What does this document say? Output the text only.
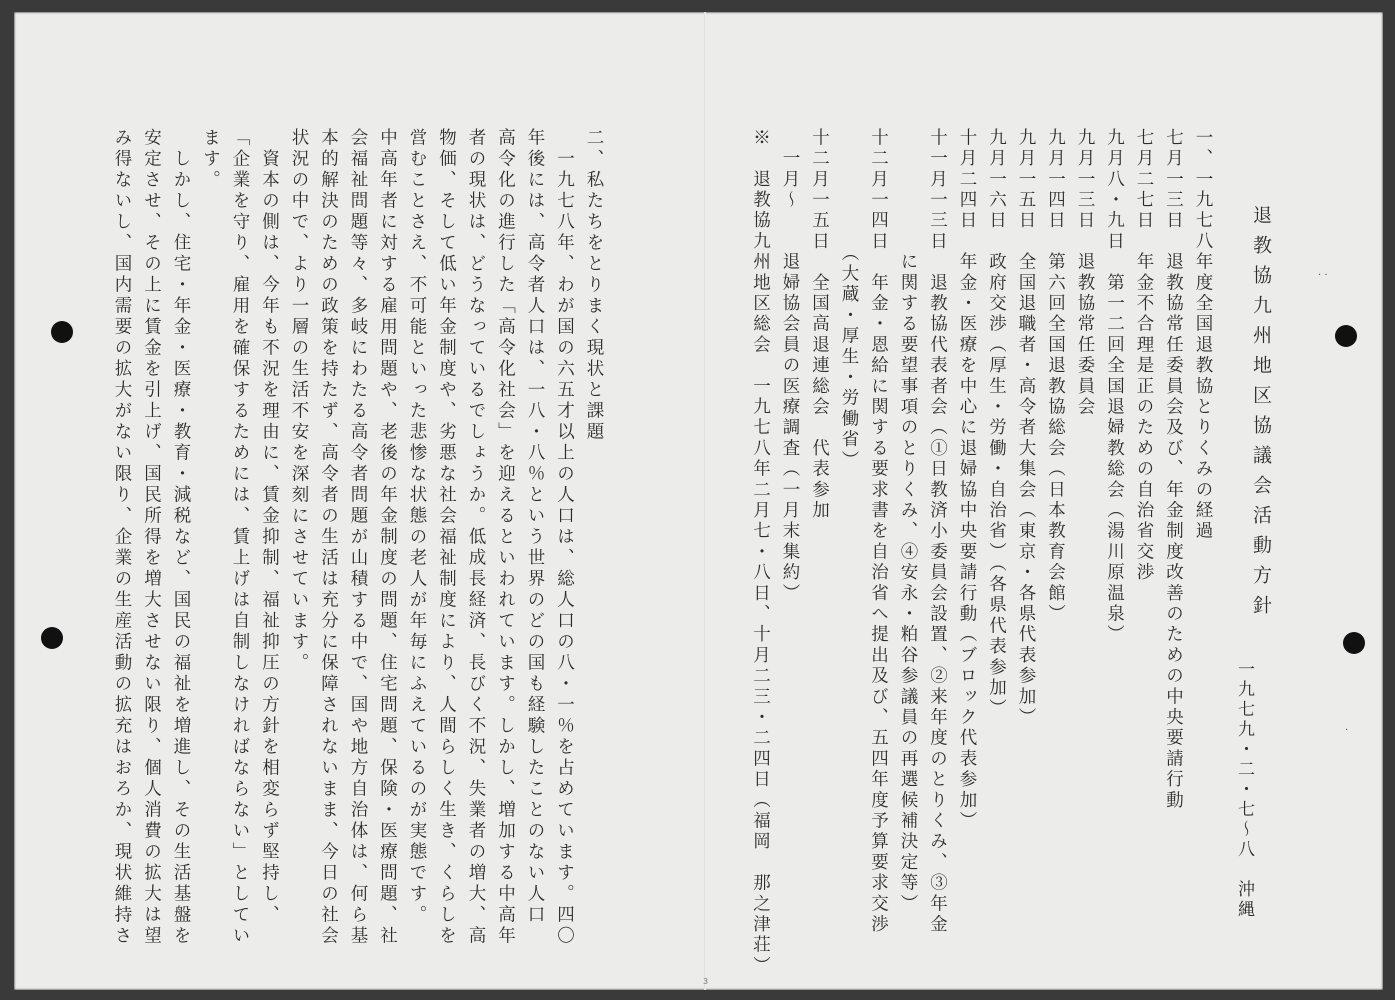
· ·
·
退教協九州地区協議会活動方針
一九七九・二・七〜八　沖縄
一、一九七八年度全国退教協とりくみの経過
七月一三日　退教協常任委員会及び、年金制度改善のための中央要請行動
七月二七日　年金不合理是正のための自治省交渉
九月八・九日　第一二回全国退婦教総会（湯川原温泉）
九月一三日　退教協常任委員会
九月一四日　第六回全国退教協総会（日本教育会館）
九月一五日　全国退職者・高令者大集会（東京・各県代表参加）
九月一六日　政府交渉（厚生・労働・自治省）（各県代表参加）
十月二四日　年金・医療を中心に退婦協中央要請行動（ブロック代表参加）
十一月一三日　退教協代表者会（①日教済小委員会設置、②来年度のとりくみ、③年金
　　　　　　に関する要望事項のとりくみ、④安永・粕谷参議員の再選候補決定等）
十二月一四日　年金・恩給に関する要求書を自治省へ提出及び、五四年度予算要求交渉
　　　　　　（大蔵・厚生・労働省）
十二月一五日　全国高退連総会　代表参加
　一月〜　　退婦協会員の医療調査（一月末集約）
※　退教協九州地区総会　一九七八年二月七・八日、十月二三・二四日（福岡　那之津荘）
二、私たちをとりまく現状と課題
　一九七八年、わが国の六五才以上の人口は、総人口の八・一％を占めています。四〇
年後には、高令者人口は、一八・八％という世界のどの国も経験したことのない人口
高令化の進行した「高令化社会」を迎えるといわれています。しかし、増加する中高年
者の現状は、どうなっているでしょうか。低成長経済、長びく不況、失業者の増大、高
物価、そして低い年金制度や、劣悪な社会福祉制度により、人間らしく生き、くらしを
営むことさえ、不可能といった悲惨な状態の老人が年毎にふえているのが実態です。
中高年者に対する雇用問題や、老後の年金制度の問題、住宅問題、保険・医療問題、社
会福祉問題等々、多岐にわたる高令者問題が山積する中で、国や地方自治体は、何ら基
本的解決のための政策を持たず、高令者の生活は充分に保障されないまま、今日の社会
状況の中で、より一層の生活不安を深刻にさせています。
　資本の側は、今年も不況を理由に、賃金抑制、福祉抑圧の方針を相変らず堅持し、
「企業を守り、雇用を確保するためには、賃上げは自制しなければならない」としてい
ます。
　しかし、住宅・年金・医療・教育・減税など、国民の福祉を増進し、その生活基盤を
安定させ、その上に賃金を引上げ、国民所得を増大させない限り、個人消費の拡大は望
み得ないし、国内需要の拡大がない限り、企業の生産活動の拡充はおろか、現状維持さ
3
